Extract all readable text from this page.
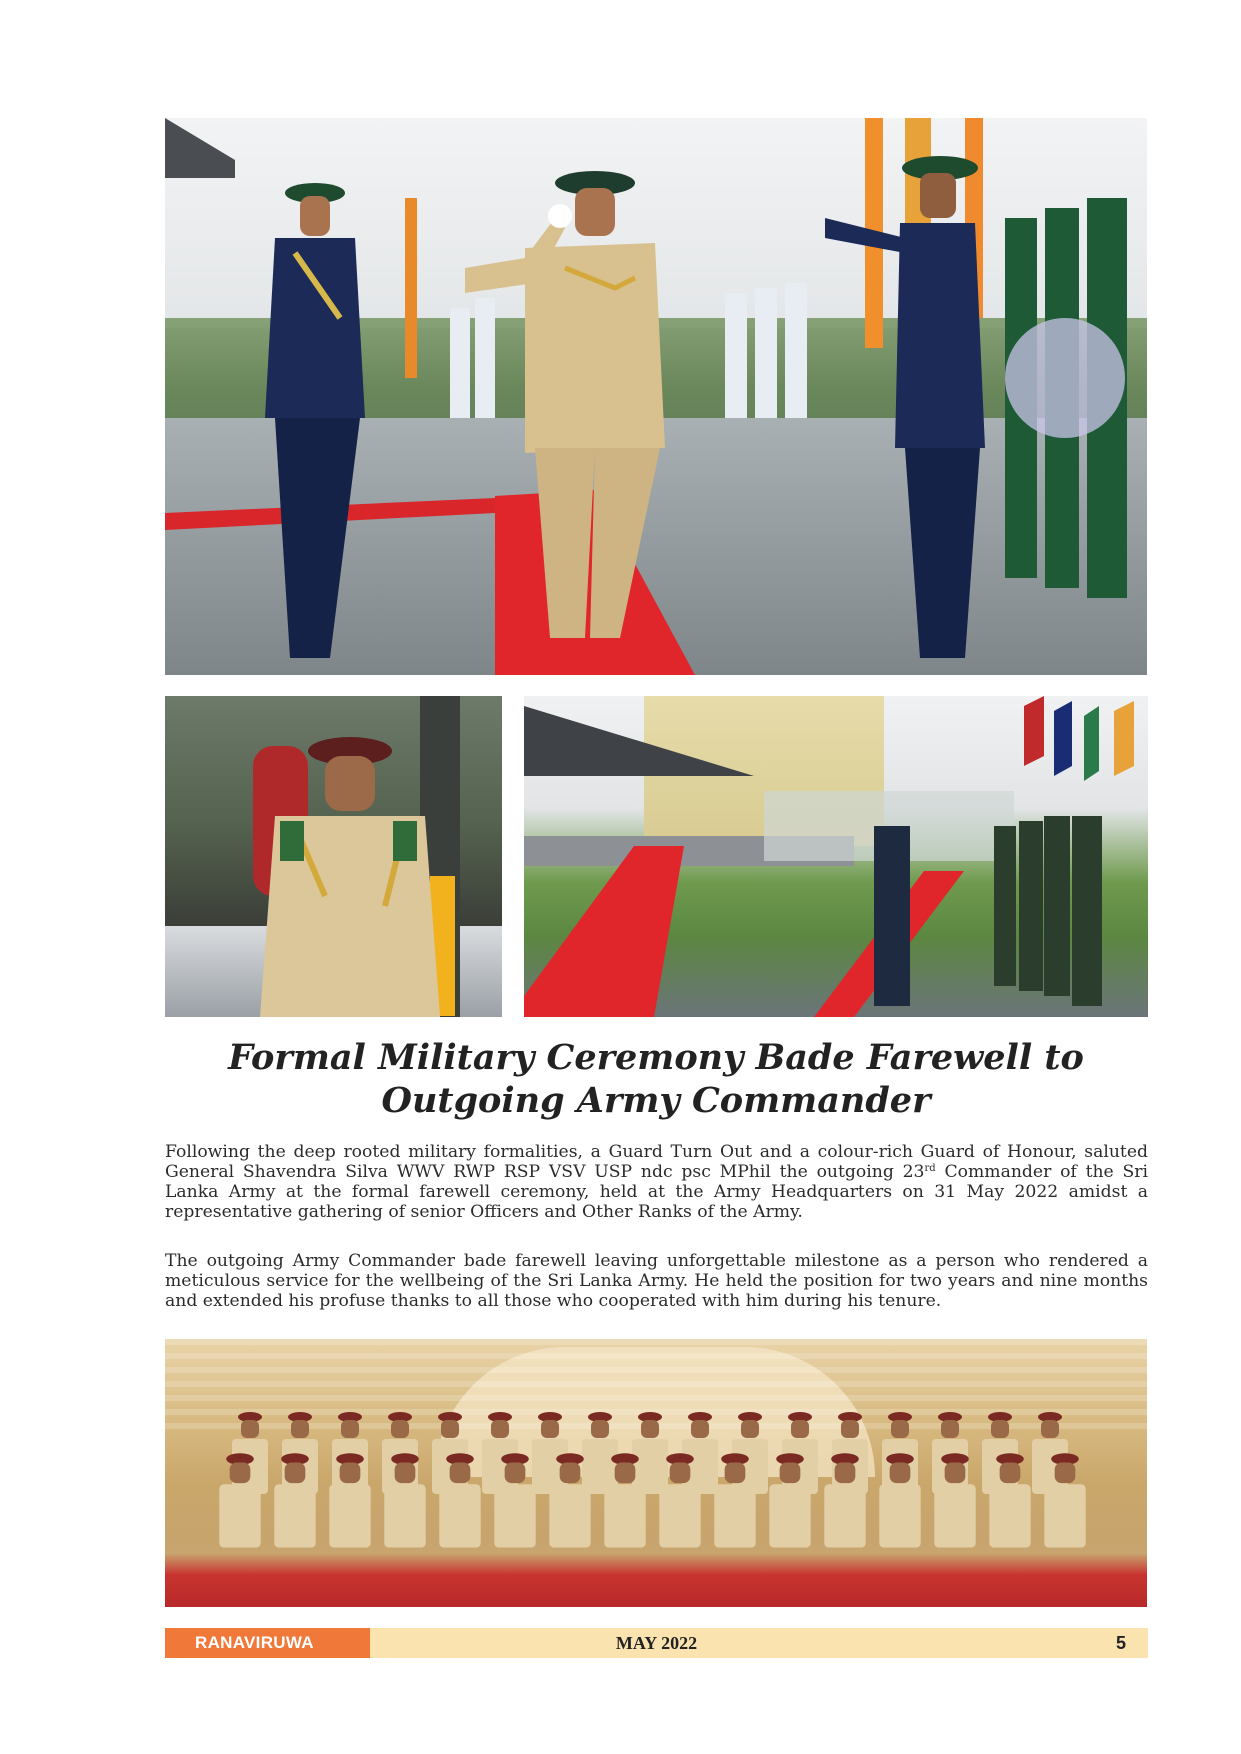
Formal Military Ceremony Bade Farewell to
Outgoing Army Commander

Following the deep rooted military formalities, a Guard Turn Out and a colour-rich Guard of Honour, saluted General Shavendra Silva WWV RWP RSP VSV USP ndc psc MPhil the outgoing 23rd Commander of the Sri Lanka Army at the formal farewell ceremony, held at the Army Headquarters on 31 May 2022 amidst a representative gathering of senior Officers and Other Ranks of the Army.

The outgoing Army Commander bade farewell leaving unforgettable milestone as a person who rendered a meticulous service for the wellbeing of the Sri Lanka Army. He held the position for two years and nine months and extended his profuse thanks to all those who cooperated with him during his tenure.

MAY 2022
RANAVIRUWA	5
